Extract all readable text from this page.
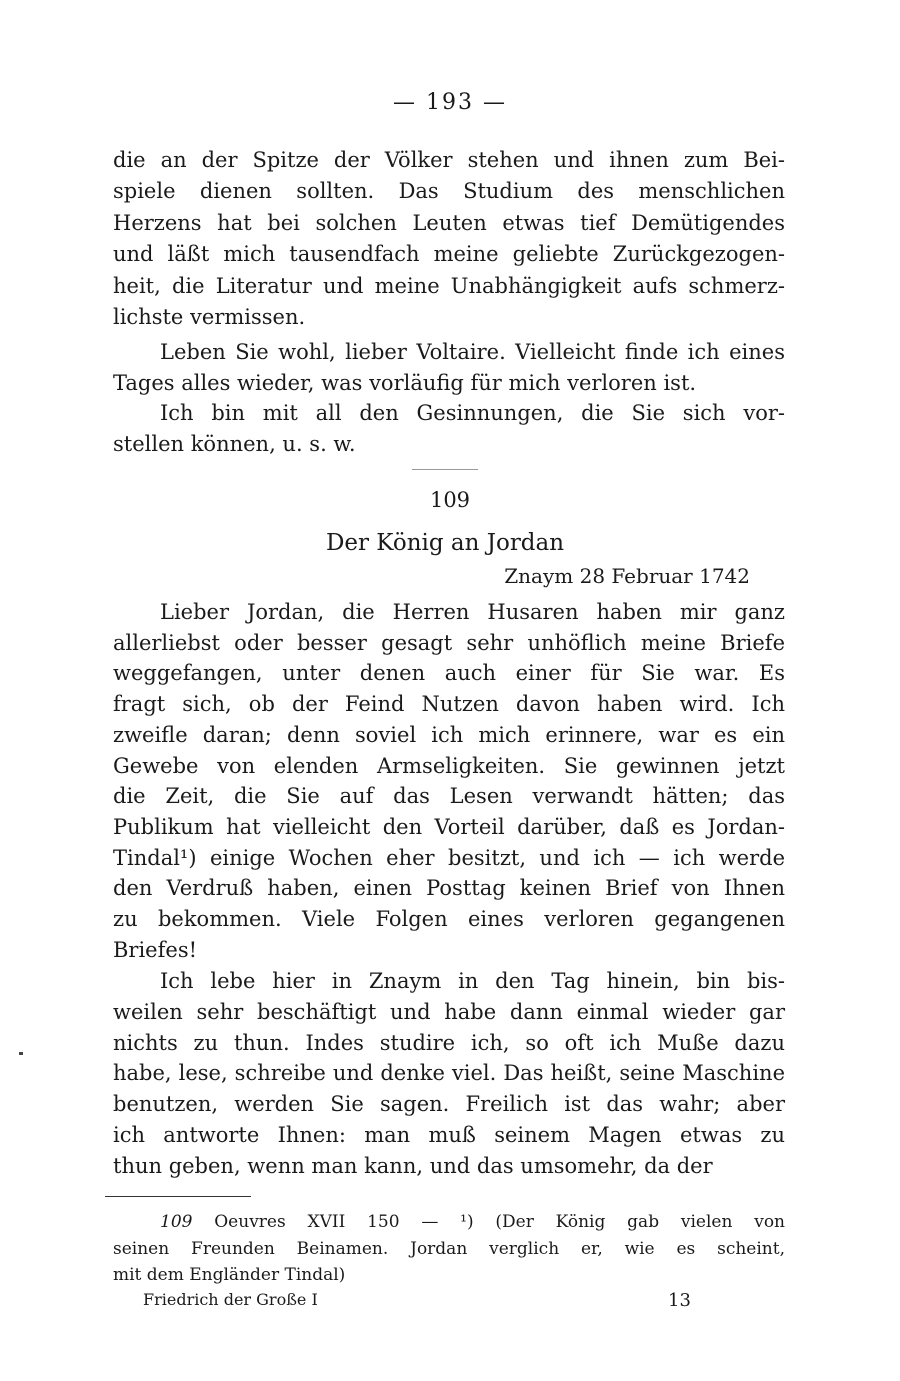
— 193 —
die an der Spitze der Völker stehen und ihnen zum Bei-
spiele dienen sollten. Das Studium des menschlichen
Herzens hat bei solchen Leuten etwas tief Demütigendes
und läßt mich tausendfach meine geliebte Zurückgezogen-
heit, die Literatur und meine Unabhängigkeit aufs schmerz-
lichste vermissen.
Leben Sie wohl, lieber Voltaire. Vielleicht finde ich eines
Tages alles wieder, was vorläufig für mich verloren ist.
Ich bin mit all den Gesinnungen, die Sie sich vor-
stellen können, u. s. w.
Lieber Jordan, die Herren Husaren haben mir ganz
allerliebst oder besser gesagt sehr unhöflich meine Briefe
weggefangen, unter denen auch einer für Sie war. Es
fragt sich, ob der Feind Nutzen davon haben wird. Ich
zweifle daran; denn soviel ich mich erinnere, war es ein
Gewebe von elenden Armseligkeiten. Sie gewinnen jetzt
die Zeit, die Sie auf das Lesen verwandt hätten; das
Publikum hat vielleicht den Vorteil darüber, daß es Jordan-
Tindal¹) einige Wochen eher besitzt, und ich — ich werde
den Verdruß haben, einen Posttag keinen Brief von Ihnen
zu bekommen. Viele Folgen eines verloren gegangenen
Briefes!
Ich lebe hier in Znaym in den Tag hinein, bin bis-
weilen sehr beschäftigt und habe dann einmal wieder gar
nichts zu thun. Indes studire ich, so oft ich Muße dazu
habe, lese, schreibe und denke viel. Das heißt, seine Maschine
benutzen, werden Sie sagen. Freilich ist das wahr; aber
ich antworte Ihnen: man muß seinem Magen etwas zu
thun geben, wenn man kann, und das umsomehr, da der
109
Der König an Jordan
Znaym 28 Februar 1742
109 Oeuvres XVII 150 — ¹) (Der König gab vielen von
seinen Freunden Beinamen. Jordan verglich er, wie es scheint,
mit dem Engländer Tindal)
Friedrich der Große I	13
